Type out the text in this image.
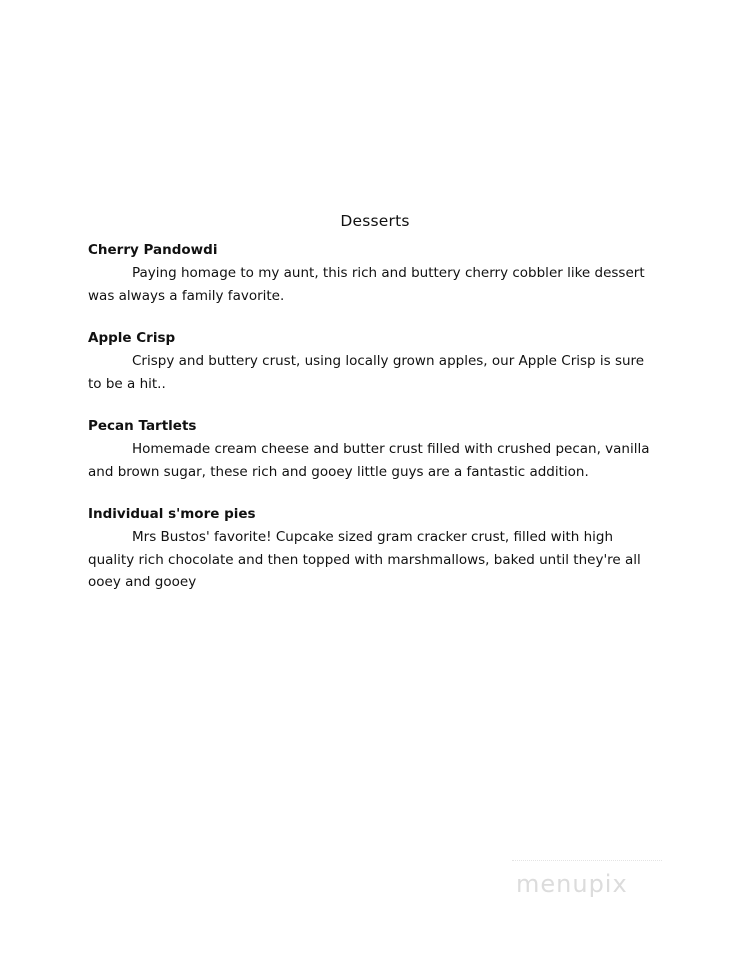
Desserts

Cherry Pandowdi

Paying homage to my aunt, this rich and buttery cherry cobbler like dessert was always a family favorite.

Apple Crisp

Crispy and buttery crust, using locally grown apples, our Apple Crisp is sure to be a hit..

Pecan Tartlets

Homemade cream cheese and butter crust filled with crushed pecan, vanilla and brown sugar, these rich and gooey little guys are a fantastic addition.

Individual s'more pies

Mrs Bustos' favorite! Cupcake sized gram cracker crust, filled with high quality rich chocolate and then topped with marshmallows, baked until they're all ooey and gooey

menupix
